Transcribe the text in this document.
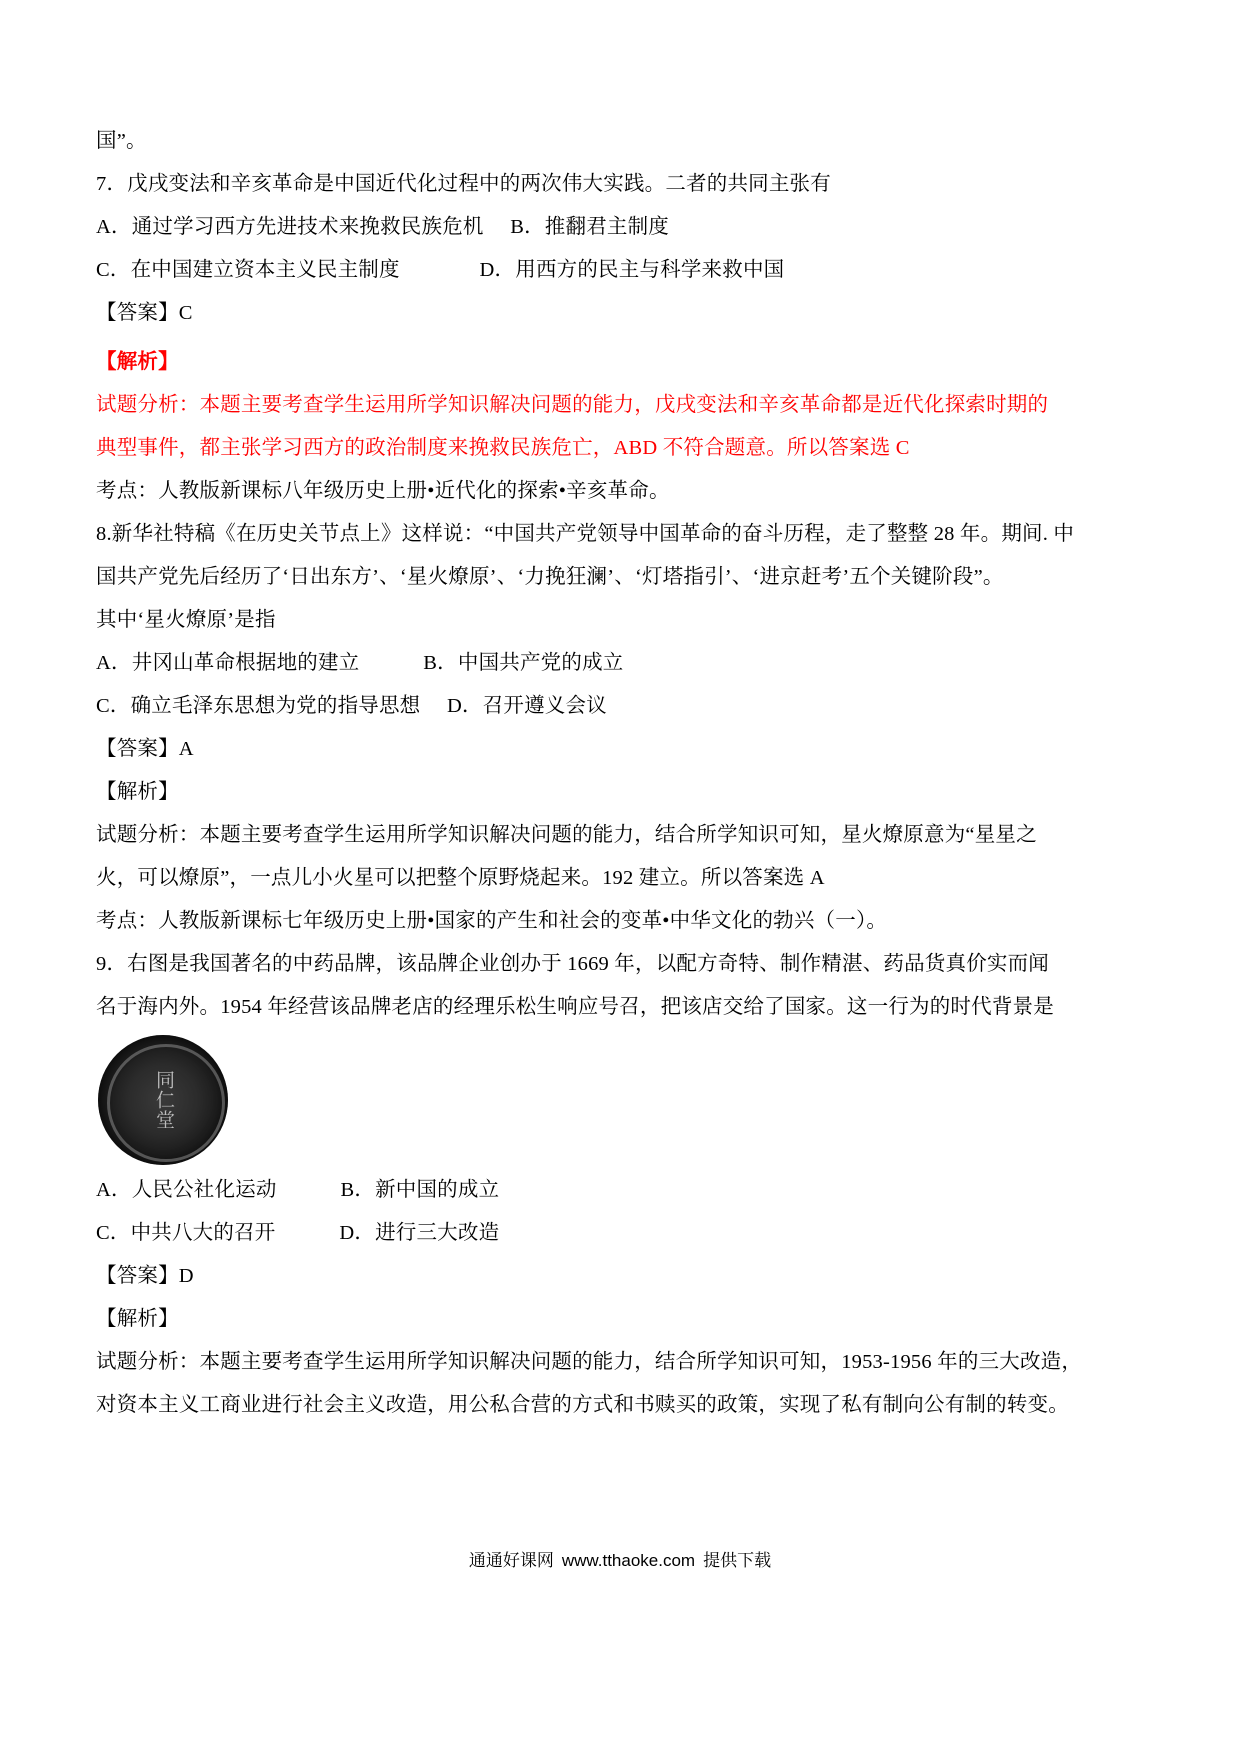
国”。
7．戊戌变法和辛亥革命是中国近代化过程中的两次伟大实践。二者的共同主张有
A．通过学习西方先进技术来挽救民族危机     B．推翻君主制度
C．在中国建立资本主义民主制度               D．用西方的民主与科学来救中国
【答案】C
【解析】
试题分析：本题主要考查学生运用所学知识解决问题的能力，戊戌变法和辛亥革命都是近代化探索时期的
典型事件，都主张学习西方的政治制度来挽救民族危亡，ABD 不符合题意。所以答案选 C
考点：人教版新课标八年级历史上册•近代化的探索•辛亥革命。
8.新华社特稿《在历史关节点上》这样说：“中国共产党领导中国革命的奋斗历程，走了整整 28 年。期间. 中
国共产党先后经历了‘日出东方’、‘星火燎原’、‘力挽狂澜’、‘灯塔指引’、‘进京赶考’五个关键阶段”。
其中‘星火燎原’是指
A．井冈山革命根据地的建立            B．中国共产党的成立
C．确立毛泽东思想为党的指导思想     D．召开遵义会议
【答案】A
【解析】
试题分析：本题主要考查学生运用所学知识解决问题的能力，结合所学知识可知，星火燎原意为“星星之
火，可以燎原”，一点儿小火星可以把整个原野烧起来。192 建立。所以答案选 A
考点：人教版新课标七年级历史上册•国家的产生和社会的变革•中华文化的勃兴（一）。
9．右图是我国著名的中药品牌，该品牌企业创办于 1669 年，以配方奇特、制作精湛、药品货真价实而闻
名于海内外。1954 年经营该品牌老店的经理乐松生响应号召，把该店交给了国家。这一行为的时代背景是
同仁堂
A．人民公社化运动            B．新中国的成立
C．中共八大的召开            D．进行三大改造
【答案】D
【解析】
试题分析：本题主要考查学生运用所学知识解决问题的能力，结合所学知识可知，1953-1956 年的三大改造，
对资本主义工商业进行社会主义改造，用公私合营的方式和书赎买的政策，实现了私有制向公有制的转变。
通通好课网 www.tthaoke.com 提供下载
